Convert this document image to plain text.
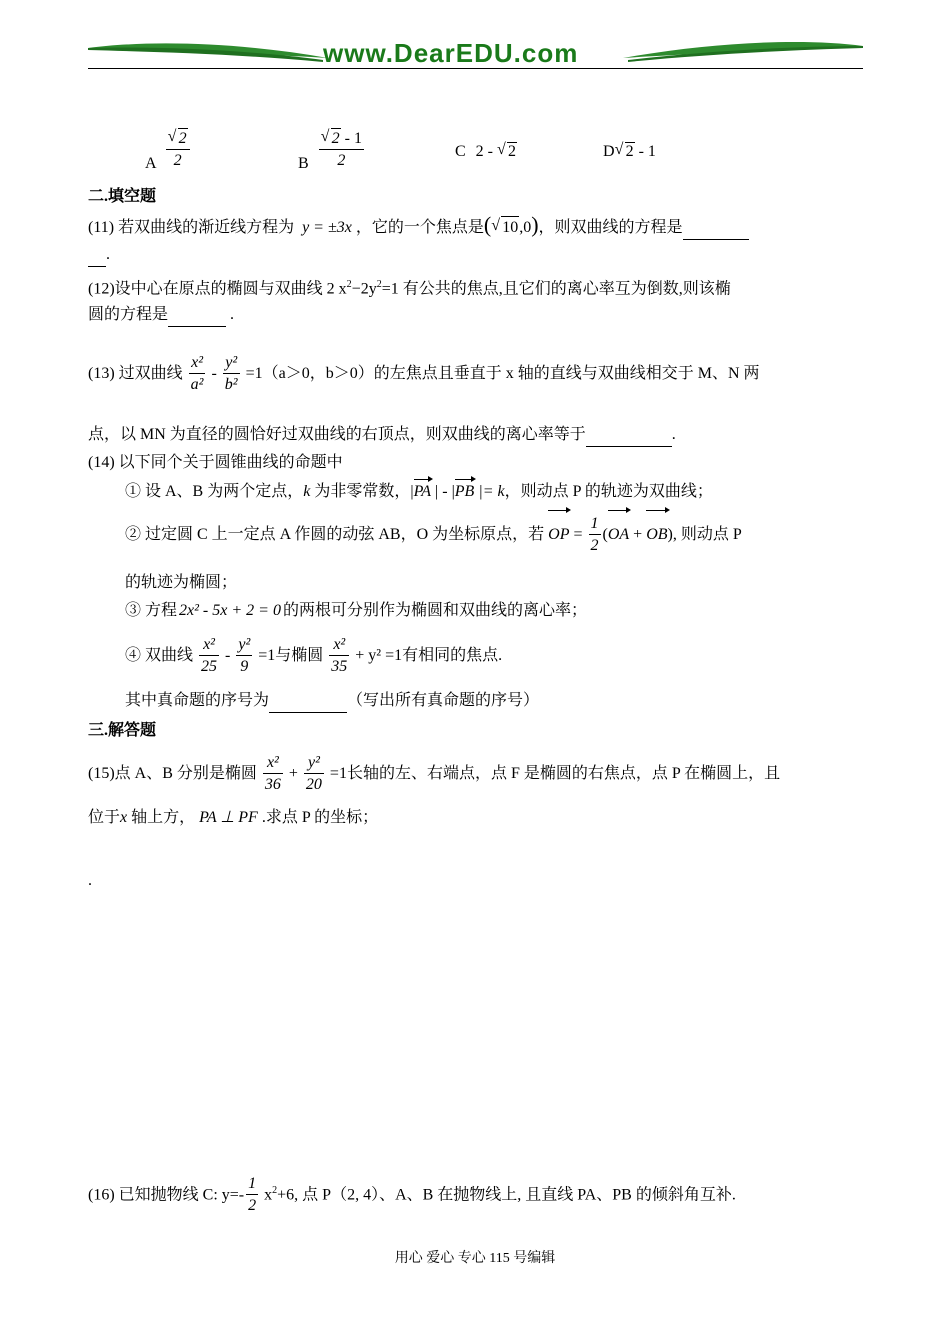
www.DearEDU.com
A √ $\frac{2}{2}$	B √ $\frac{2 - 1}{2}$	C 2 - √ 2	D √ 2 - 1
二.填空题
(11) 若双曲线的渐近线方程为 y = ±3x ，它的一个焦点是( √ 10,0)，则双曲线的方程是
.
(12)设中心在原点的椭圆与双曲线 2 $x^2-2y^2=1$ 有公共的焦点,且它们的离心率互为倒数,则该椭
圆的方程是	.
(13) 过双曲线 $\frac{\text{x²}}{\text{a²}} - \frac{\text{y²}}{\text{b²}} =1(a>0$，b＞0）的左焦点且垂直于 x 轴的直线与双曲线相交于 M、N 两
点，以 MN 为直径的圆恰好过双曲线的右顶点，则双曲线的离心率等于	.
(14) 以下同个关于圆锥曲线的命题中
① 设 A、B 为两个定点，k 为非零常数，|PA | - |PB |= k，则动点 P 的轨迹为双曲线；
② 过定圆 C 上一定点 A 作圆的动弦 AB，O 为坐标原点，若 OP = $\frac{1}{2} (OA + OB)$, 则动点 P
的轨迹为椭圆；
③ 方程 2x² - 5x + 2 = 0 的两根可分别作为椭圆和双曲线的离心率；
④ 双曲线 $\frac{\text{x²}}{25} - \frac{\text{y²}}{9} =1$与椭圆 $\frac{\text{x²}}{35} + y^2 =1$有相同的焦点.
其中真命题的序号为	（写出所有真命题的序号）
三.解答题
(15)点 A、B 分别是椭圆 $\frac{\text{x²}}{36} + \frac{\text{y²}}{20} =1$长轴的左、右端点，点 F 是椭圆的右焦点，点 P 在椭圆上，且
位于x 轴上方， PA ⊥ PF .求点 P 的坐标；
.
(16) 已知抛物线 C: $y=- \frac{1}{2} x^2+6$, 点 P（2, 4）、A、B 在抛物线上, 且直线 PA、PB 的倾斜角互补.
用心 爱心 专心 115 号编辑
